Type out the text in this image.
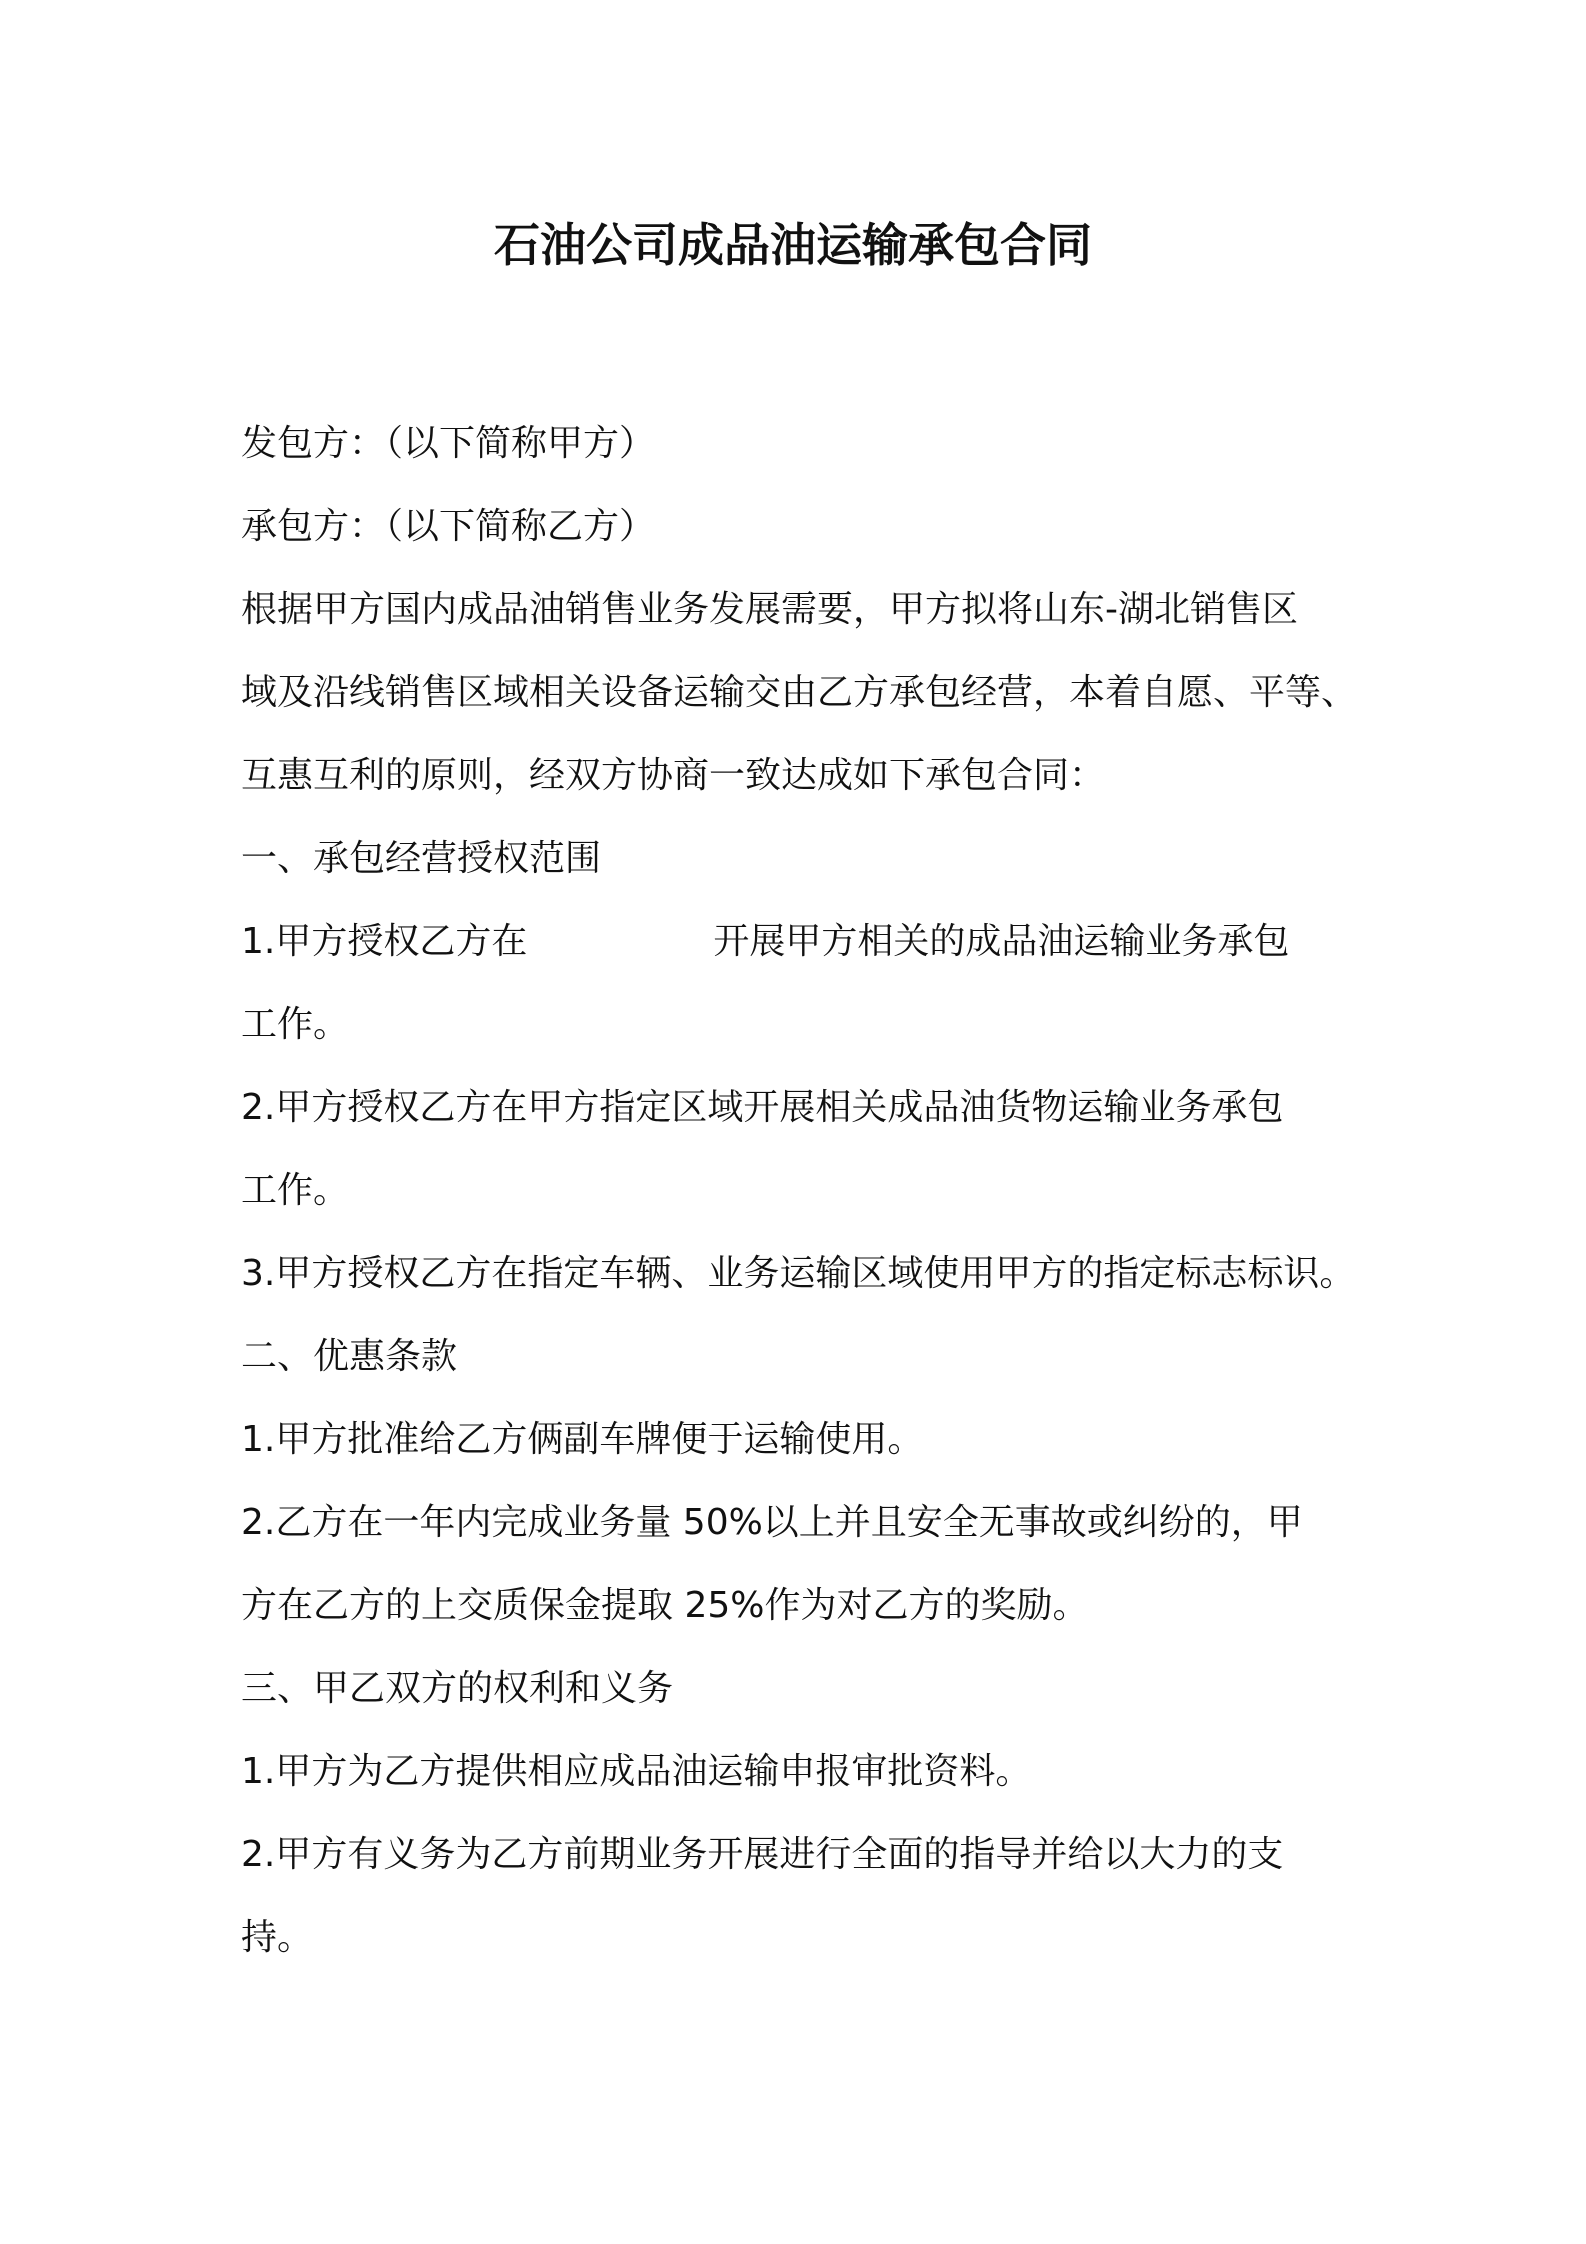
石油公司成品油运输承包合同

发包方：（以下简称甲方）

承包方：（以下简称乙方）

根据甲方国内成品油销售业务发展需要，甲方拟将山东-湖北销售区

域及沿线销售区域相关设备运输交由乙方承包经营，本着自愿、平等、

互惠互利的原则，经双方协商一致达成如下承包合同：

一、承包经营授权范围

1.甲方授权乙方在	开展甲方相关的成品油运输业务承包

工作。

2.甲方授权乙方在甲方指定区域开展相关成品油货物运输业务承包

工作。

3.甲方授权乙方在指定车辆、业务运输区域使用甲方的指定标志标识。

二、优惠条款

1.甲方批准给乙方俩副车牌便于运输使用。

2.乙方在一年内完成业务量 50%以上并且安全无事故或纠纷的，甲

方在乙方的上交质保金提取 25%作为对乙方的奖励。

三、甲乙双方的权利和义务

1.甲方为乙方提供相应成品油运输申报审批资料。

2.甲方有义务为乙方前期业务开展进行全面的指导并给以大力的支

持。
